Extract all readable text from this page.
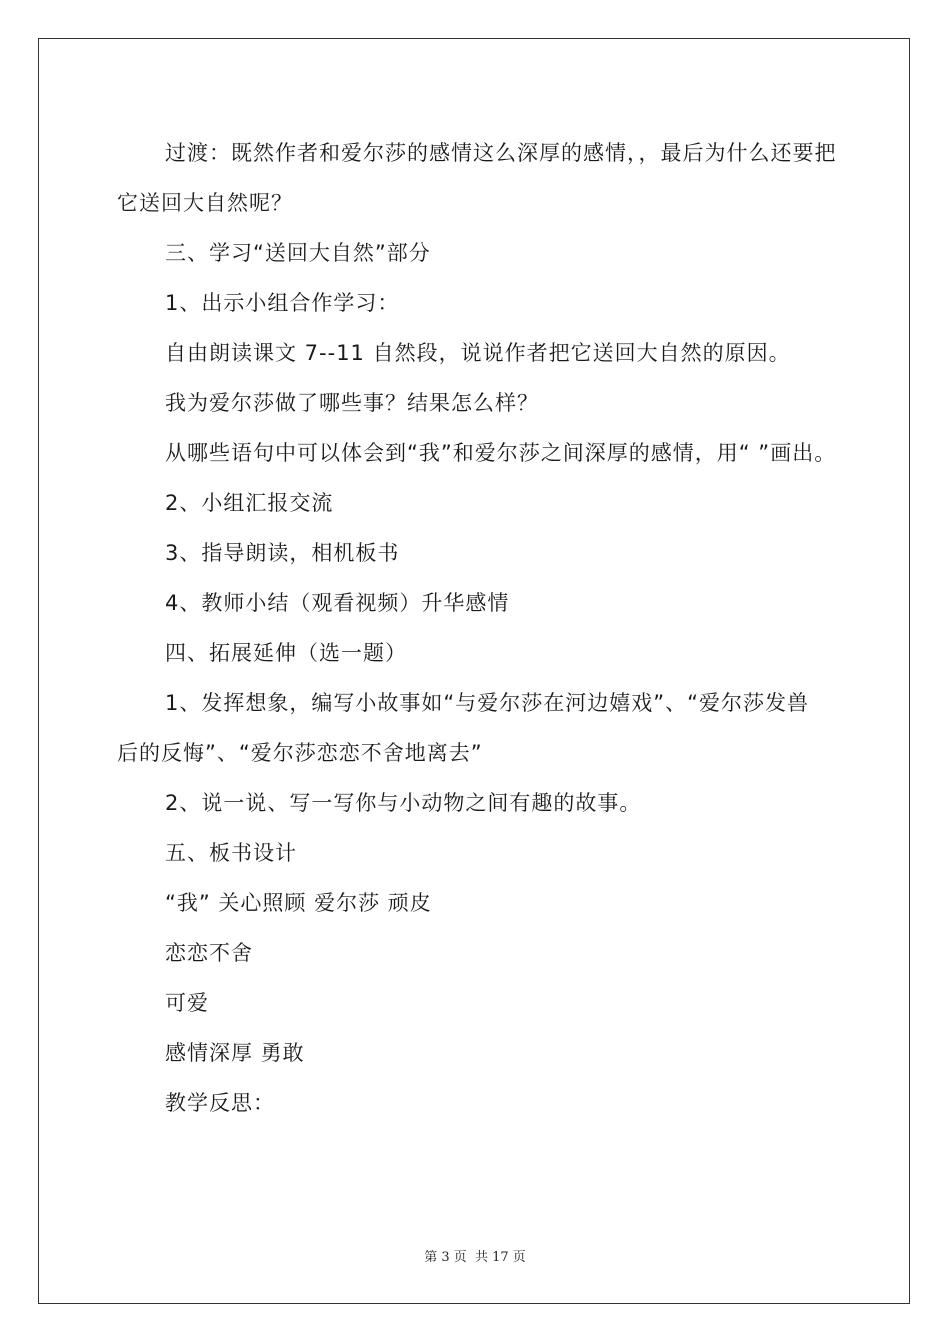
过渡：既然作者和爱尔莎的感情这么深厚的感情，，最后为什么还要把它送回大自然呢？

三、学习“送回大自然”部分

1、出示小组合作学习：

自由朗读课文 7--11 自然段，说说作者把它送回大自然的原因。

我为爱尔莎做了哪些事？结果怎么样？

从哪些语句中可以体会到“我”和爱尔莎之间深厚的感情，用“ ”画出。

2、小组汇报交流

3、指导朗读，相机板书

4、教师小结（观看视频）升华感情

四、拓展延伸（选一题）

1、发挥想象，编写小故事如“与爱尔莎在河边嬉戏”、“爱尔莎发兽 后的反悔”、“爱尔莎恋恋不舍地离去”

2、说一说、写一写你与小动物之间有趣的故事。

五、板书设计

“我” 关心照顾 爱尔莎 顽皮

恋恋不舍

可爱

感情深厚 勇敢

教学反思：

第 3 页 共 17 页
